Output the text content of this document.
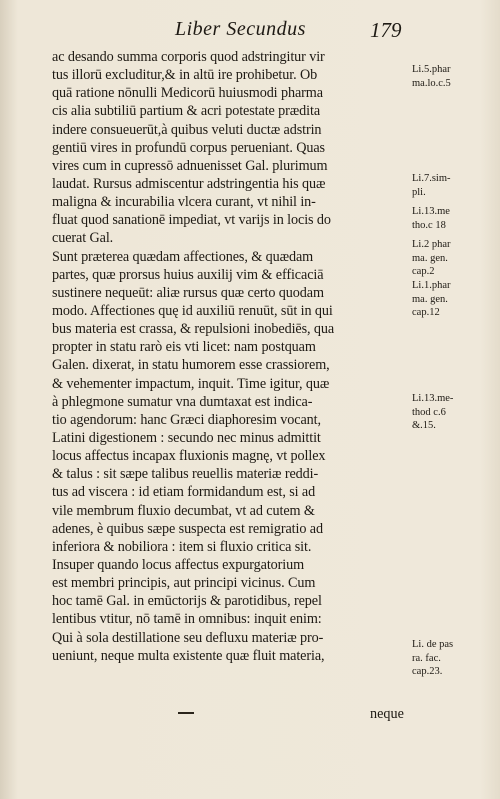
Liber Secundus	179
ac desando summa corporis quod adstringitur vir
tus illorū excluditur,& in altū ire prohibetur. Ob
quā ratione nōnulli Medicorū huiusmodi pharma
cis alia subtiliū partium & acri potestate prædita
indere consueuerūt,à quibus veluti ductæ adstrin
gentiū vires in profundū corpus perueniant. Quas
vires cum in cupressō adnuenisset Gal. plurimum
laudat. Rursus admiscentur adstringentia his quæ
maligna & incurabilia vlcera curant, vt nihil in-
fluat quod sanationē impediat, vt varijs in locis do
cuerat Gal.
Sunt præterea quædam affectiones, & quædam
partes, quæ prorsus huius auxilij vim & efficaciā
sustinere nequeūt: aliæ rursus quæ certo quodam
modo. Affectiones quę id auxiliū renuūt, sūt in qui
bus materia est crassa, & repulsioni inobediēs, qua
propter in statu rarò eis vti licet: nam postquam
Galen. dixerat, in statu humorem esse crassiorem,
& vehementer impactum, inquit. Time igitur, quæ
à phlegmone sumatur vna dumtaxat est indica-
tio agendorum: hanc Græci diaphoresim vocant,
Latini digestionem : secundo nec minus admittit
locus affectus incapax fluxionis magnę, vt pollex
& talus : sit sæpe talibus reuellis materiæ reddi-
tus ad viscera : id etiam formidandum est, si ad
vile membrum fluxio decumbat, vt ad cutem &
adenes, è quibus sæpe suspecta est remigratio ad
inferiora & nobiliora : item si fluxio critica sit.
Insuper quando locus affectus expurgatorium
est membri principis, aut principi vicinus. Cum
hoc tamē Gal. in emūctorijs & parotidibus, repel
lentibus vtitur, nō tamē in omnibus: inquit enim:
Qui à sola destillatione seu defluxu materiæ pro-
ueniunt, neque multa existente quæ fluit materia,
Li.5.phar
ma.lo.c.5
Li.7.sim-
pli.
Li.13.me
tho.c 18
Li.2 phar
ma. gen.
cap.2
Li.1.phar
ma. gen.
cap.12
Li.13.me-
thod c.6
&.15.
Li. de pas
ra. fac.
cap.23.
neque
